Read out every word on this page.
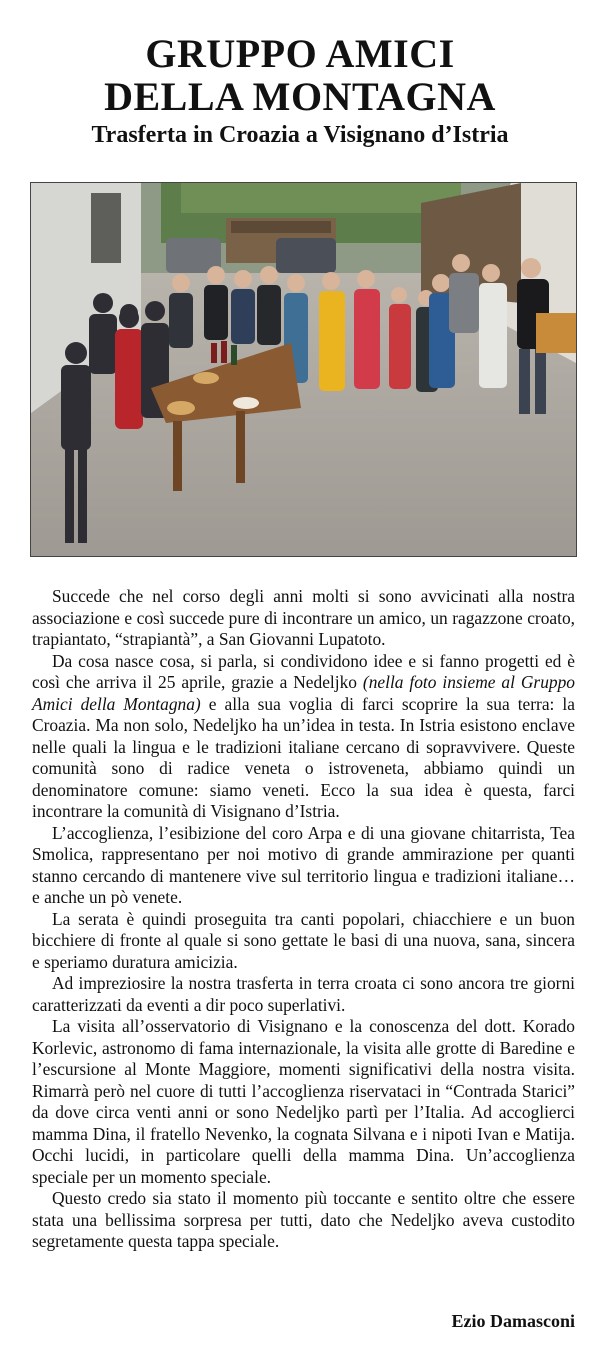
GRUPPO AMICI
DELLA MONTAGNA
Trasferta in Croazia a Visignano d’Istria

Succede che nel corso degli anni molti si sono avvicinati alla nostra associazione e così succede pure di incontrare un amico, un ragazzone croato, trapiantato, “strapiantà”, a San Giovanni Lupatoto.

Da cosa nasce cosa, si parla, si condividono idee e si fanno progetti ed è così che arriva il 25 aprile, grazie a Nedeljko (nella foto insieme al Gruppo Amici della Montagna) e alla sua voglia di farci scoprire la sua terra: la Croazia. Ma non solo, Nedeljko ha un’idea in testa. In Istria esistono enclave nelle quali la lingua e le tradizioni italiane cercano di sopravvivere. Queste comunità sono di radice veneta o istroveneta, abbiamo quindi un denominatore comune: siamo veneti. Ecco la sua idea è questa, farci incontrare la comunità di Visignano d’Istria.

L’accoglienza, l’esibizione del coro Arpa e di una giovane chitarrista, Tea Smolica, rappresentano per noi motivo di grande ammirazione per quanti stanno cercando di mantenere vive sul territorio lingua e tradizioni italiane… e anche un pò venete.

La serata è quindi proseguita tra canti popolari, chiacchiere e un buon bicchiere di fronte al quale si sono gettate le basi di una nuova, sana, sincera e speriamo duratura amicizia.

Ad impreziosire la nostra trasferta in terra croata ci sono ancora tre giorni caratterizzati da eventi a dir poco superlativi.

La visita all’osservatorio di Visignano e la conoscenza del dott. Korado Korlevic, astronomo di fama internazionale, la visita alle grotte di Baredine e l’escursione al Monte Maggiore, momenti significativi della nostra visita. Rimarrà però nel cuore di tutti l’accoglienza riservataci in “Contrada Starici” da dove circa venti anni or sono Nedeljko partì per l’Italia. Ad accoglierci mamma Dina, il fratello Nevenko, la cognata Silvana e i nipoti Ivan e Matija. Occhi lucidi, in particolare quelli della mamma Dina. Un’accoglienza speciale per un momento speciale.

Questo credo sia stato il momento più toccante e sentito oltre che essere stata una bellissima sorpresa per tutti, dato che Nedeljko aveva custodito segretamente questa tappa speciale.

Ezio Damasconi
